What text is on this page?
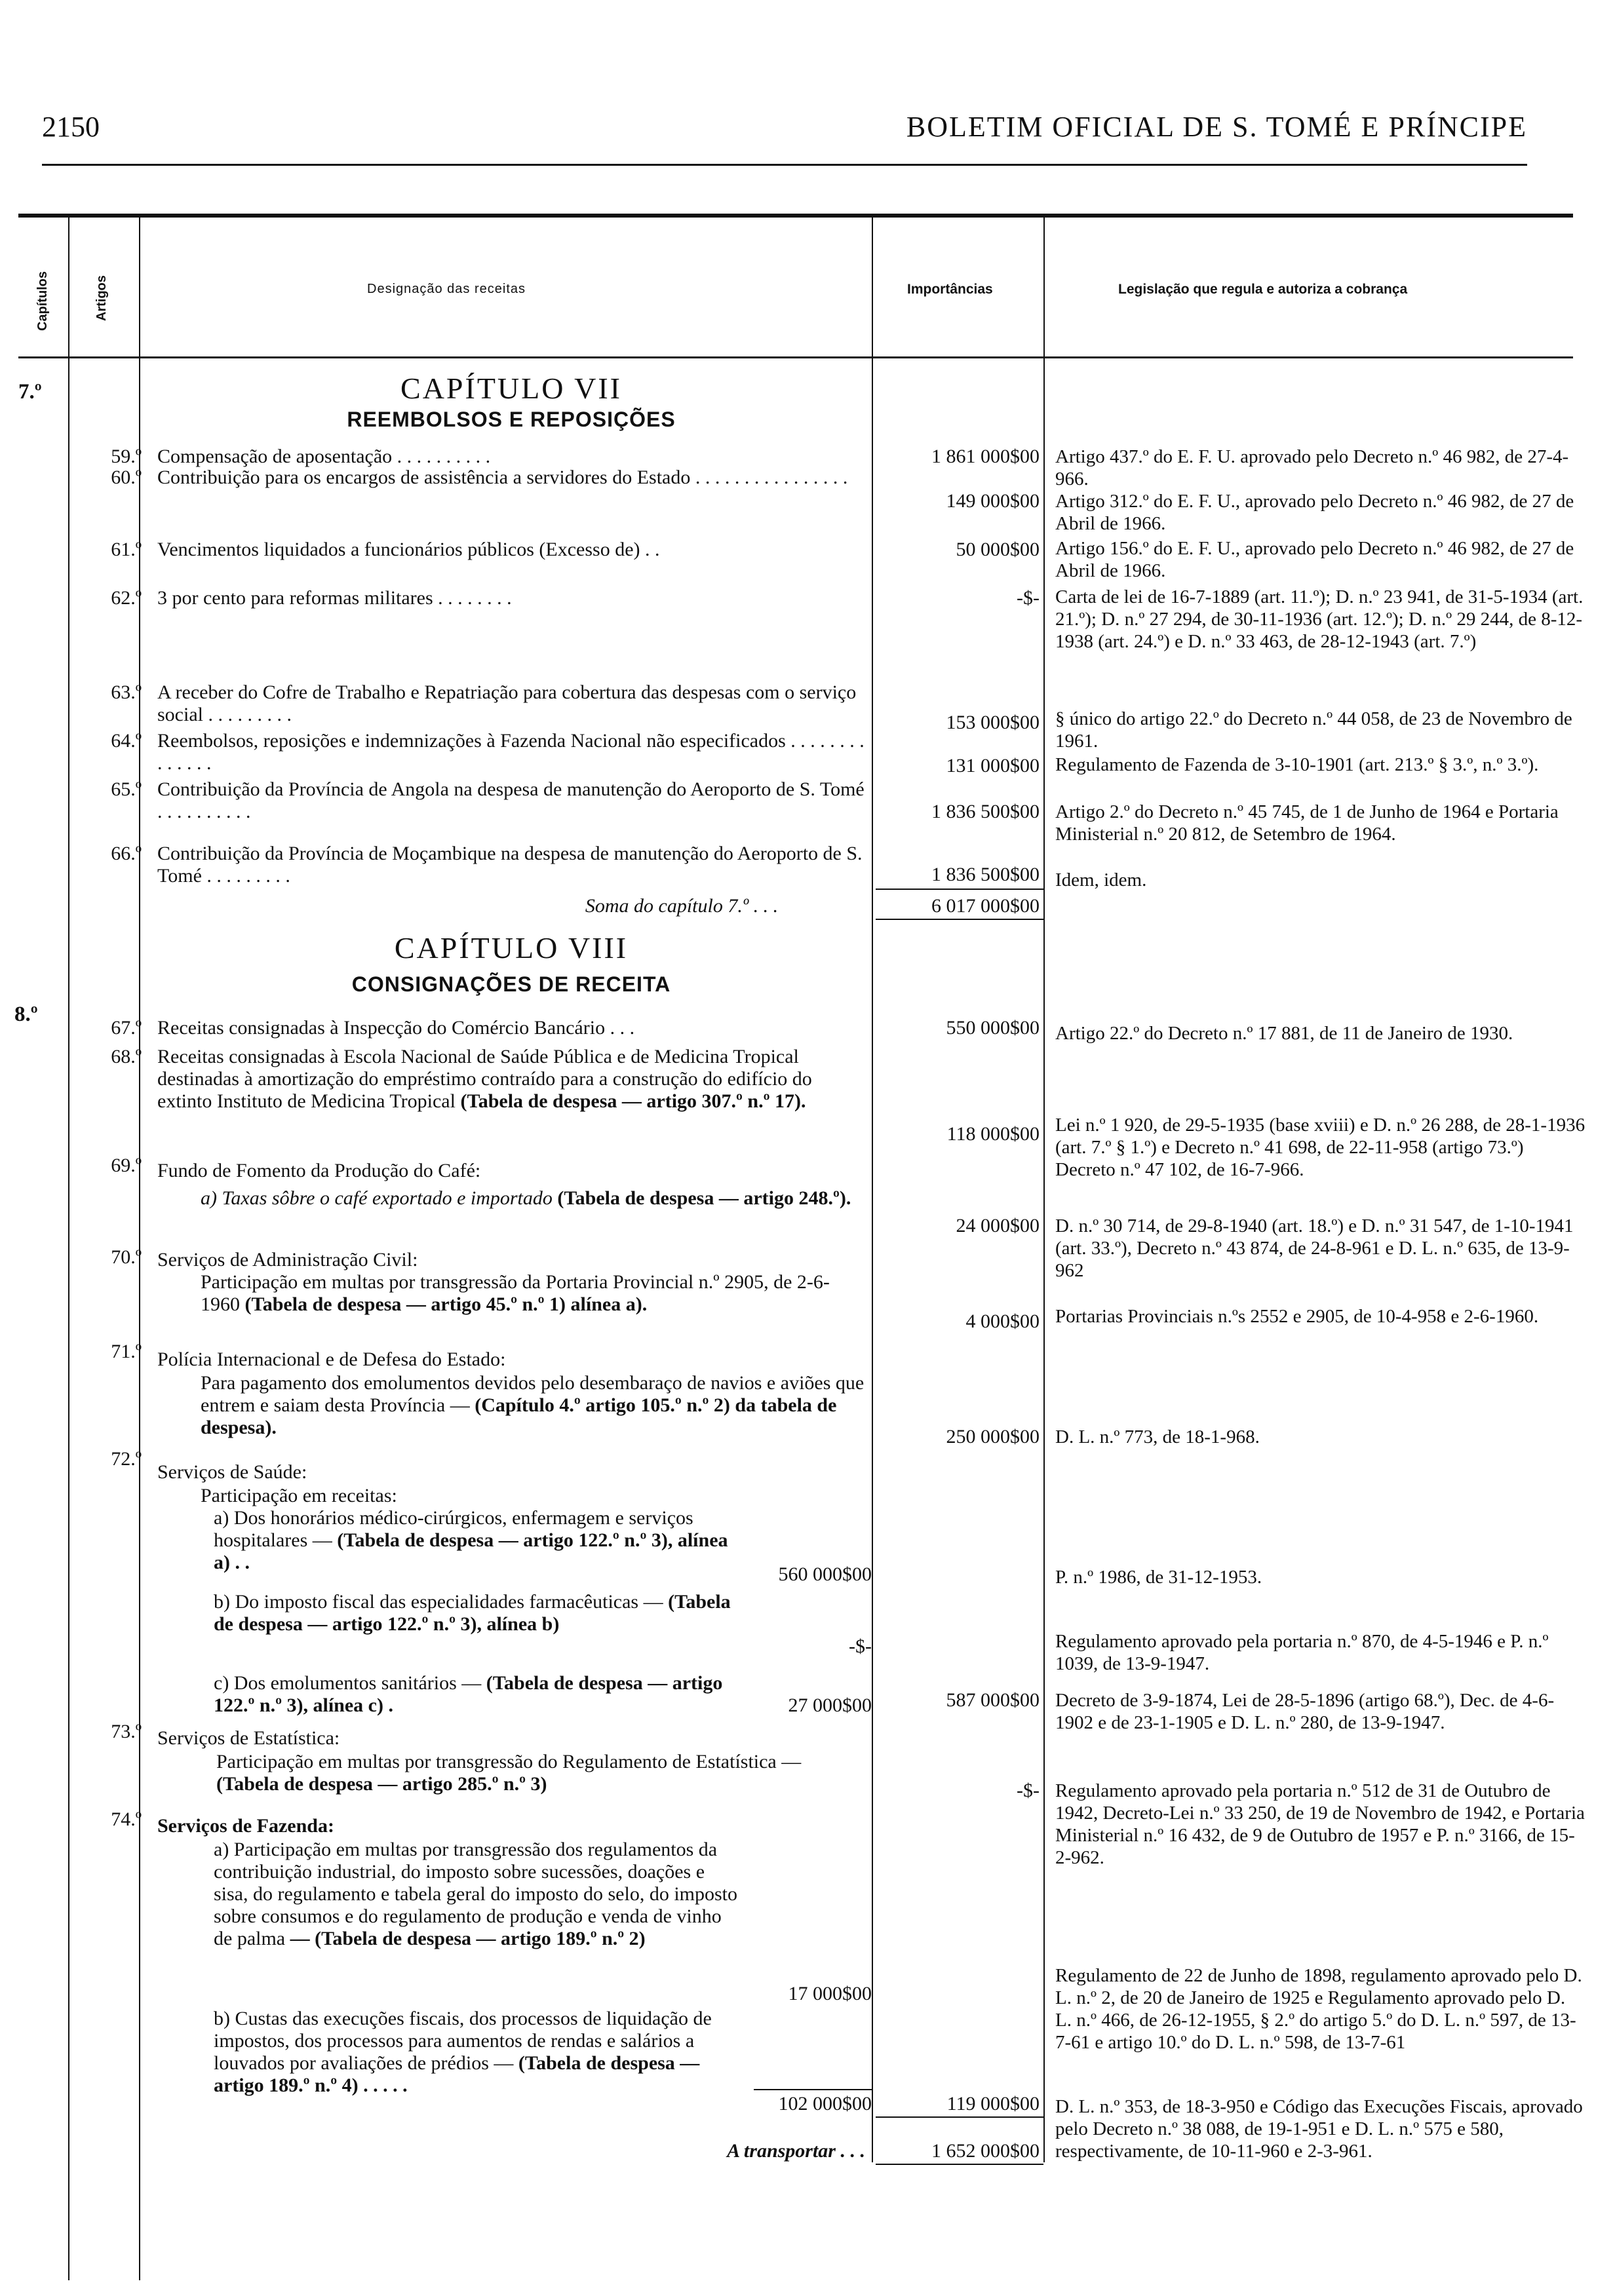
2150	BOLETIM OFICIAL DE S. TOMÉ E PRÍNCIPE
Capítulos	Artigos	Designação das receitas	Importâncias	Legislação que regula e autoriza a cobrança
7.º	CAPÍTULO VII
REEMBOLSOS E REPOSIÇÕES
59.º Compensação de aposentação . . . . . . . . . .	1 861 000$00 Artigo 437.º do E. F. U. aprovado pelo Decreto n.º 46 982, de 27-4-966.
60.º Contribuição para os encargos de assistência a servidores do Estado . . . . . . . . . . . . . . . .
149 000$00 Artigo 312.º do E. F. U., aprovado pelo Decreto n.º 46 982, de 27 de Abril de 1966.
61.º Vencimentos liquidados a funcionários públicos (Excesso de) . .	50 000$00 Artigo 156.º do E. F. U., aprovado pelo Decreto n.º 46 982, de 27 de Abril de 1966.
62.º 3 por cento para reformas militares . . . . . . . .	-$- Carta de lei de 16-7-1889 (art. 11.º); D. n.º 23 941, de 31-5-1934 (art. 21.º); D. n.º 27 294, de 30-11-1936 (art. 12.º); D. n.º 29 244, de 8-12-1938 (art. 24.º) e D. n.º 33 463, de 28-12-1943 (art. 7.º)
63.º A receber do Cofre de Trabalho e Repatriação para cobertura das despesas com o serviço social . . . . . . . . .	153 000$00 § único do artigo 22.º do Decreto n.º 44 058, de 23 de Novembro de 1961.
64.º Reembolsos, reposições e indemnizações à Fazenda Nacional não especificados . . . . . . . . . . . . . .	131 000$00 Regulamento de Fazenda de 3-10-1901 (art. 213.º § 3.º, n.º 3.º).
65.º Contribuição da Província de Angola na despesa de manutenção do Aeroporto de S. Tomé . . . . . . . . . .	1 836 500$00 Artigo 2.º do Decreto n.º 45 745, de 1 de Junho de 1964 e Portaria Ministerial n.º 20 812, de Setembro de 1964.
66.º Contribuição da Província de Moçambique na despesa de manutenção do Aeroporto de S. Tomé . . . . . . . . .	1 836 500$00 Idem, idem.
Soma do capítulo 7.º . . .	6 017 000$00
8.º
CAPÍTULO VIII
CONSIGNAÇÕES DE RECEITA
67.º Receitas consignadas à Inspecção do Comércio Bancário . . .	550 000$00 Artigo 22.º do Decreto n.º 17 881, de 11 de Janeiro de 1930.
68.º Receitas consignadas à Escola Nacional de Saúde Pública e de Medicina Tropical destinadas à amortização do empréstimo contraído para a construção do edifício do extinto Instituto de Medicina Tropical (Tabela de despesa — artigo 307.º n.º 17).
118 000$00 Lei n.º 1 920, de 29-5-1935 (base xviii) e D. n.º 26 288, de 28-1-1936 (art. 7.º § 1.º) e Decreto n.º 41 698, de 22-11-958 (artigo 73.º) Decreto n.º 47 102, de 16-7-966.
69.º Fundo de Fomento da Produção do Café:
a) Taxas sôbre o café exportado e importado (Tabela de despesa — artigo 248.º).
24 000$00 D. n.º 30 714, de 29-8-1940 (art. 18.º) e D. n.º 31 547, de 1-10-1941 (art. 33.º), Decreto n.º 43 874, de 24-8-961 e D. L. n.º 635, de 13-9-962
70.º Serviços de Administração Civil:
Participação em multas por transgressão da Portaria Provincial n.º 2905, de 2-6-1960 (Tabela de despesa — artigo 45.º n.º 1) alínea a).
4 000$00 Portarias Provinciais n.ºs 2552 e 2905, de 10-4-958 e 2-6-1960.
71.º Polícia Internacional e de Defesa do Estado:
Para pagamento dos emolumentos devidos pelo desembaraço de navios e aviões que entrem e saiam desta Província — (Capítulo 4.º artigo 105.º n.º 2) da tabela de despesa).	250 000$00 D. L. n.º 773, de 18-1-968.
72.º
Serviços de Saúde:
Participação em receitas:
a) Dos honorários médico-cirúrgicos, enfermagem e serviços hospitalares — (Tabela de despesa — artigo 122.º n.º 3), alínea a) . .
560 000$00	P. n.º 1986, de 31-12-1953.
b) Do imposto fiscal das especialidades farmacêuticas — (Tabela de despesa — artigo 122.º n.º 3), alínea b)
-$-	Regulamento aprovado pela portaria n.º 870, de 4-5-1946 e P. n.º 1039, de 13-9-1947.
c) Dos emolumentos sanitários — (Tabela de despesa — artigo 122.º n.º 3), alínea c) .	27 000$00	587 000$00 Decreto de 3-9-1874, Lei de 28-5-1896 (artigo 68.º), Dec. de 4-6-1902 e de 23-1-1905 e D. L. n.º 280, de 13-9-1947.
73.º Serviços de Estatística:
Participação em multas por transgressão do Regulamento de Estatística — (Tabela de despesa — artigo 285.º n.º 3)	-$- Regulamento aprovado pela portaria n.º 512 de 31 de Outubro de 1942, Decreto-Lei n.º 33 250, de 19 de Novembro de 1942, e Portaria Ministerial n.º 16 432, de 9 de Outubro de 1957 e P. n.º 3166, de 15-2-962.
74.º Serviços de Fazenda:
a) Participação em multas por transgressão dos regulamentos da contribuição industrial, do imposto sobre sucessões, doações e sisa, do regulamento e tabela geral do imposto do selo, do imposto sobre consumos e do regulamento de produção e venda de vinho de palma — (Tabela de despesa — artigo 189.º n.º 2)
17 000$00
Regulamento de 22 de Junho de 1898, regulamento aprovado pelo D. L. n.º 2, de 20 de Janeiro de 1925 e Regulamento aprovado pelo D. L. n.º 466, de 26-12-1955, § 2.º do artigo 5.º do D. L. n.º 597, de 13-7-61 e artigo 10.º do D. L. n.º 598, de 13-7-61
b) Custas das execuções fiscais, dos processos de liquidação de impostos, dos processos para aumentos de rendas e salários a louvados por avaliações de prédios — (Tabela de despesa — artigo 189.º n.º 4) . . . . .
102 000$00	119 000$00 D. L. n.º 353, de 18-3-950 e Código das Execuções Fiscais, aprovado pelo Decreto n.º 38 088, de 19-1-951 e D. L. n.º 575 e 580, respectivamente, de 10-11-960 e 2-3-961.
A transportar . . .	1 652 000$00
